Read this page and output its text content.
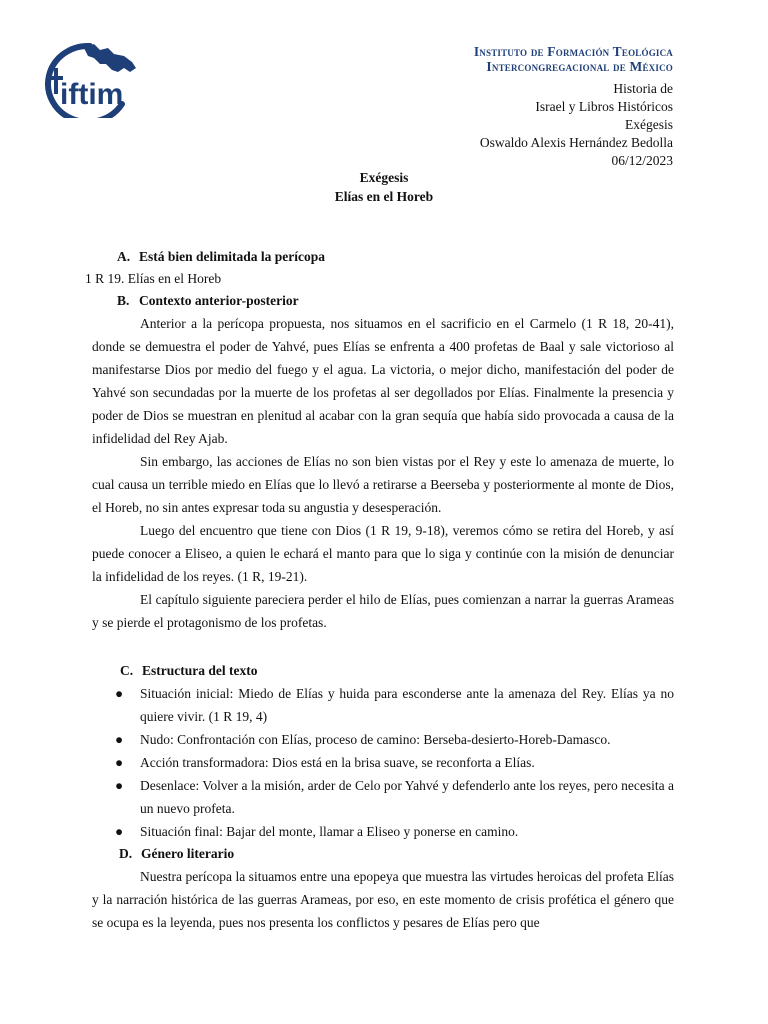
iftim
Instituto de Formación Teológica
Intercongregacional de México
Historia de
Israel y Libros Históricos
Exégesis
Oswaldo Alexis Hernández Bedolla
06/12/2023
Exégesis
Elías en el Horeb

A. Está bien delimitada la perícopa

1 R 19. Elías en el Horeb

B. Contexto anterior-posterior

Anterior a la perícopa propuesta, nos situamos en el sacrificio en el Carmelo (1 R 18, 20-41), donde se demuestra el poder de Yahvé, pues Elías se enfrenta a 400 profetas de Baal y sale victorioso al manifestarse Dios por medio del fuego y el agua. La victoria, o mejor dicho, manifestación del poder de Yahvé son secundadas por la muerte de los profetas al ser degollados por Elías. Finalmente la presencia y poder de Dios se muestran en plenitud al acabar con la gran sequía que había sido provocada a causa de la infidelidad del Rey Ajab.

Sin embargo, las acciones de Elías no son bien vistas por el Rey y este lo amenaza de muerte, lo cual causa un terrible miedo en Elías que lo llevó a retirarse a Beerseba y posteriormente al monte de Dios, el Horeb, no sin antes expresar toda su angustia y desesperación.

Luego del encuentro que tiene con Dios (1 R 19, 9-18), veremos cómo se retira del Horeb, y así puede conocer a Eliseo, a quien le echará el manto para que lo siga y continúe con la misión de denunciar la infidelidad de los reyes. (1 R, 19-21).

El capítulo siguiente pareciera perder el hilo de Elías, pues comienzan a narrar la guerras Arameas y se pierde el protagonismo de los profetas.

C. Estructura del texto

● Situación inicial: Miedo de Elías y huida para esconderse ante la amenaza del Rey. Elías ya no quiere vivir. (1 R 19, 4)
● Nudo: Confrontación con Elías, proceso de camino: Berseba-desierto-Horeb-Damasco.
● Acción transformadora: Dios está en la brisa suave, se reconforta a Elías.
● Desenlace: Volver a la misión, arder de Celo por Yahvé y defenderlo ante los reyes, pero necesita a un nuevo profeta.
● Situación final: Bajar del monte, llamar a Eliseo y ponerse en camino.

D. Género literario

Nuestra perícopa la situamos entre una epopeya que muestra las virtudes heroicas del profeta Elías y la narración histórica de las guerras Arameas, por eso, en este momento de crisis profética el género que se ocupa es la leyenda, pues nos presenta los conflictos y pesares de Elías pero que
